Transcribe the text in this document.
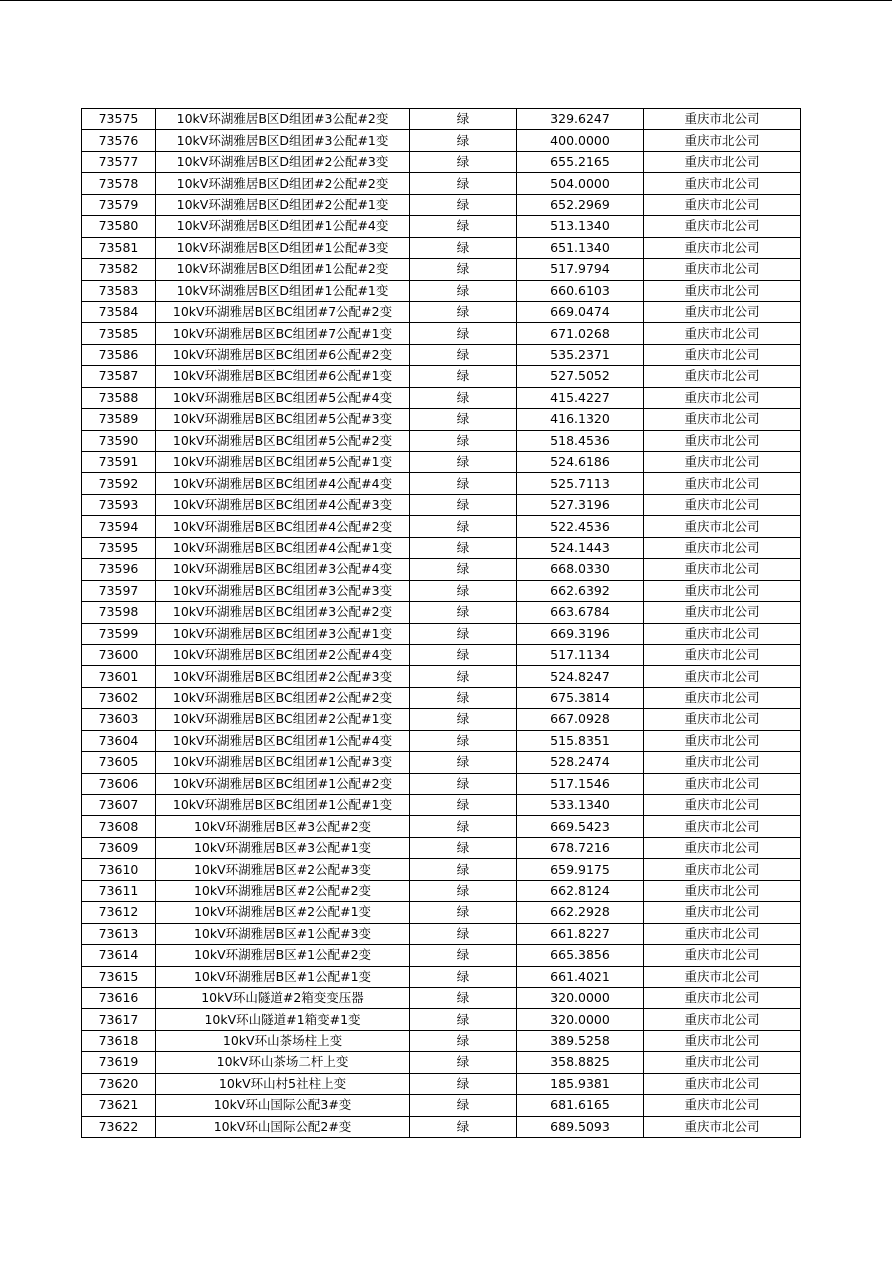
73575	10kV环湖雅居B区D组团#3公配#2变	绿	329.6247	重庆市北公司
73576	10kV环湖雅居B区D组团#3公配#1变	绿	400.0000	重庆市北公司
73577	10kV环湖雅居B区D组团#2公配#3变	绿	655.2165	重庆市北公司
73578	10kV环湖雅居B区D组团#2公配#2变	绿	504.0000	重庆市北公司
73579	10kV环湖雅居B区D组团#2公配#1变	绿	652.2969	重庆市北公司
73580	10kV环湖雅居B区D组团#1公配#4变	绿	513.1340	重庆市北公司
73581	10kV环湖雅居B区D组团#1公配#3变	绿	651.1340	重庆市北公司
73582	10kV环湖雅居B区D组团#1公配#2变	绿	517.9794	重庆市北公司
73583	10kV环湖雅居B区D组团#1公配#1变	绿	660.6103	重庆市北公司
73584	10kV环湖雅居B区BC组团#7公配#2变	绿	669.0474	重庆市北公司
73585	10kV环湖雅居B区BC组团#7公配#1变	绿	671.0268	重庆市北公司
73586	10kV环湖雅居B区BC组团#6公配#2变	绿	535.2371	重庆市北公司
73587	10kV环湖雅居B区BC组团#6公配#1变	绿	527.5052	重庆市北公司
73588	10kV环湖雅居B区BC组团#5公配#4变	绿	415.4227	重庆市北公司
73589	10kV环湖雅居B区BC组团#5公配#3变	绿	416.1320	重庆市北公司
73590	10kV环湖雅居B区BC组团#5公配#2变	绿	518.4536	重庆市北公司
73591	10kV环湖雅居B区BC组团#5公配#1变	绿	524.6186	重庆市北公司
73592	10kV环湖雅居B区BC组团#4公配#4变	绿	525.7113	重庆市北公司
73593	10kV环湖雅居B区BC组团#4公配#3变	绿	527.3196	重庆市北公司
73594	10kV环湖雅居B区BC组团#4公配#2变	绿	522.4536	重庆市北公司
73595	10kV环湖雅居B区BC组团#4公配#1变	绿	524.1443	重庆市北公司
73596	10kV环湖雅居B区BC组团#3公配#4变	绿	668.0330	重庆市北公司
73597	10kV环湖雅居B区BC组团#3公配#3变	绿	662.6392	重庆市北公司
73598	10kV环湖雅居B区BC组团#3公配#2变	绿	663.6784	重庆市北公司
73599	10kV环湖雅居B区BC组团#3公配#1变	绿	669.3196	重庆市北公司
73600	10kV环湖雅居B区BC组团#2公配#4变	绿	517.1134	重庆市北公司
73601	10kV环湖雅居B区BC组团#2公配#3变	绿	524.8247	重庆市北公司
73602	10kV环湖雅居B区BC组团#2公配#2变	绿	675.3814	重庆市北公司
73603	10kV环湖雅居B区BC组团#2公配#1变	绿	667.0928	重庆市北公司
73604	10kV环湖雅居B区BC组团#1公配#4变	绿	515.8351	重庆市北公司
73605	10kV环湖雅居B区BC组团#1公配#3变	绿	528.2474	重庆市北公司
73606	10kV环湖雅居B区BC组团#1公配#2变	绿	517.1546	重庆市北公司
73607	10kV环湖雅居B区BC组团#1公配#1变	绿	533.1340	重庆市北公司
73608	10kV环湖雅居B区#3公配#2变	绿	669.5423	重庆市北公司
73609	10kV环湖雅居B区#3公配#1变	绿	678.7216	重庆市北公司
73610	10kV环湖雅居B区#2公配#3变	绿	659.9175	重庆市北公司
73611	10kV环湖雅居B区#2公配#2变	绿	662.8124	重庆市北公司
73612	10kV环湖雅居B区#2公配#1变	绿	662.2928	重庆市北公司
73613	10kV环湖雅居B区#1公配#3变	绿	661.8227	重庆市北公司
73614	10kV环湖雅居B区#1公配#2变	绿	665.3856	重庆市北公司
73615	10kV环湖雅居B区#1公配#1变	绿	661.4021	重庆市北公司
73616	10kV环山隧道#2箱变变压器	绿	320.0000	重庆市北公司
73617	10kV环山隧道#1箱变#1变	绿	320.0000	重庆市北公司
73618	10kV环山茶场柱上变	绿	389.5258	重庆市北公司
73619	10kV环山茶场二杆上变	绿	358.8825	重庆市北公司
73620	10kV环山村5社柱上变	绿	185.9381	重庆市北公司
73621	10kV环山国际公配3#变	绿	681.6165	重庆市北公司
73622	10kV环山国际公配2#变	绿	689.5093	重庆市北公司
